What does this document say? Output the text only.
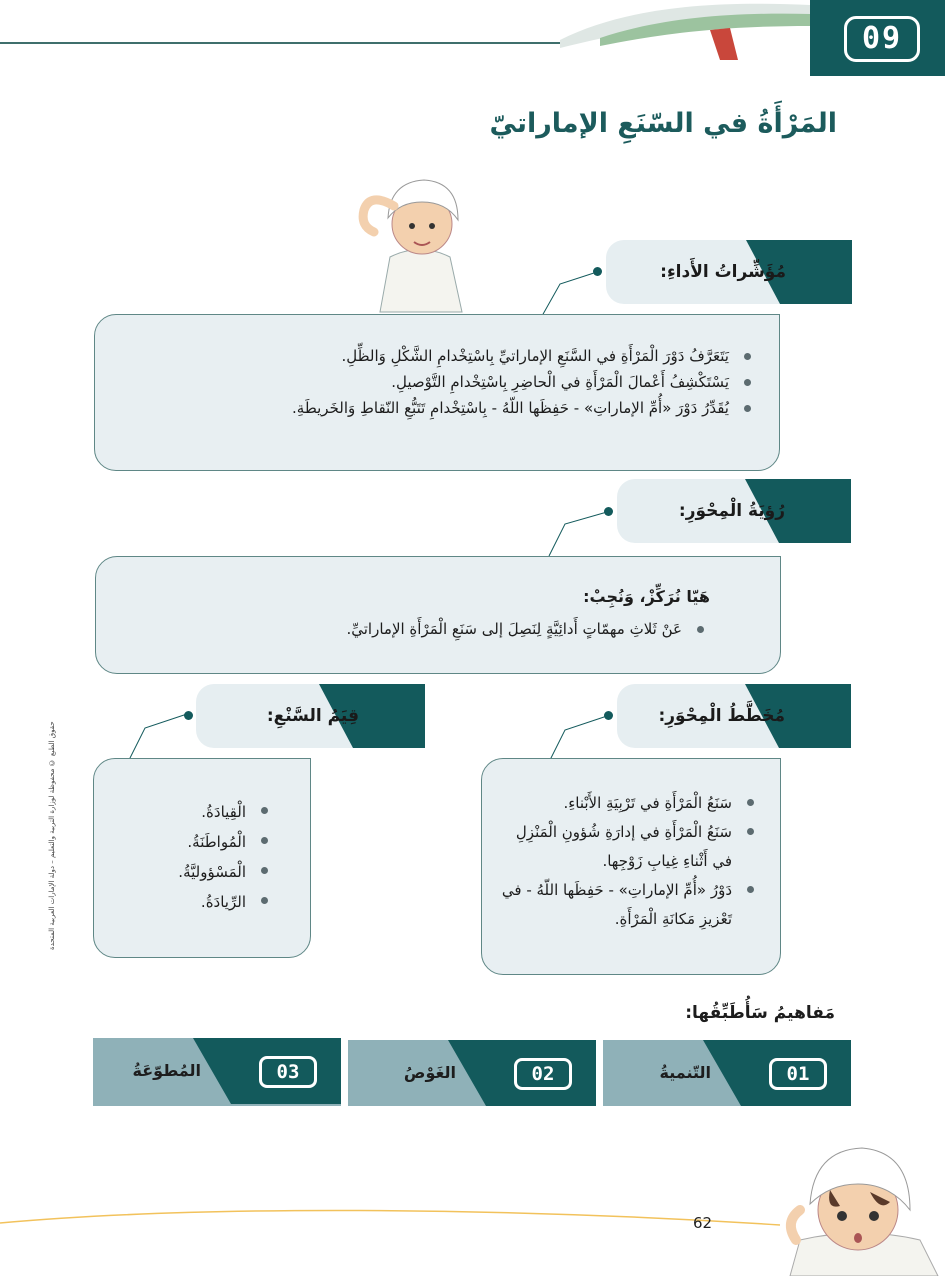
09
المَرْأَةُ في السّنَعِ الإماراتيّ
مُؤَشِّراتُ الأَداءِ:
يَتَعَرَّفُ دَوْرَ الْمَرْأَةِ في السَّنَعِ الإماراتيِّ بِاسْتِخْدامِ الشَّكْلِ وَالظِّلِ.
يَسْتَكْشِفُ أَعْمالَ الْمَرْأَةِ في الْحاضِرِ بِاسْتِخْدامِ التَّوْصيلِ.
يُقَدِّرُ دَوْرَ «أُمِّ الإماراتِ» - حَفِظَها اللّهُ - بِاسْتِخْدامِ تَتَبُّعِ النّقاطِ وَالخَريطَةِ.
رُؤيَةُ الْمِحْوَرِ:
هَيّا نُرَكِّزْ، وَنُجِبْ:
عَنْ ثَلاثِ مهمّاتٍ أَدائِيَّةٍ لِنَصِلَ إلى سَنَعِ الْمَرْأَةِ الإماراتيِّ.
قِيَمُ السَّنْعِ:
الْقِيادَةُ.
الْمُواطَنَةُ.
الْمَسْؤوليَّةُ.
الرِّيادَةُ.
مُخَطَّطُ الْمِحْوَرِ:
سَنَعُ الْمَرْأَةِ في تَرْبِيَةِ الأَبْناءِ.
سَنَعُ الْمَرْأَةِ في إدارَةِ شُؤونِ الْمَنْزِلِ في أَثْناءِ غِيابِ زَوْجِها.
دَوْرُ «أُمِّ الإماراتِ» - حَفِظَها اللّهُ - في تَعْزيزِ مَكانَةِ الْمَرْأَةِ.
حقوق الطبع © محفوظة لوزارة التربية والتعليم – دولة الإمارات العربية المتحدة
مَفاهيمُ سَأُطَبِّقُها:
01
التّنميةُ
02
الغَوْصُ
03
المُطوّعَةُ
62
